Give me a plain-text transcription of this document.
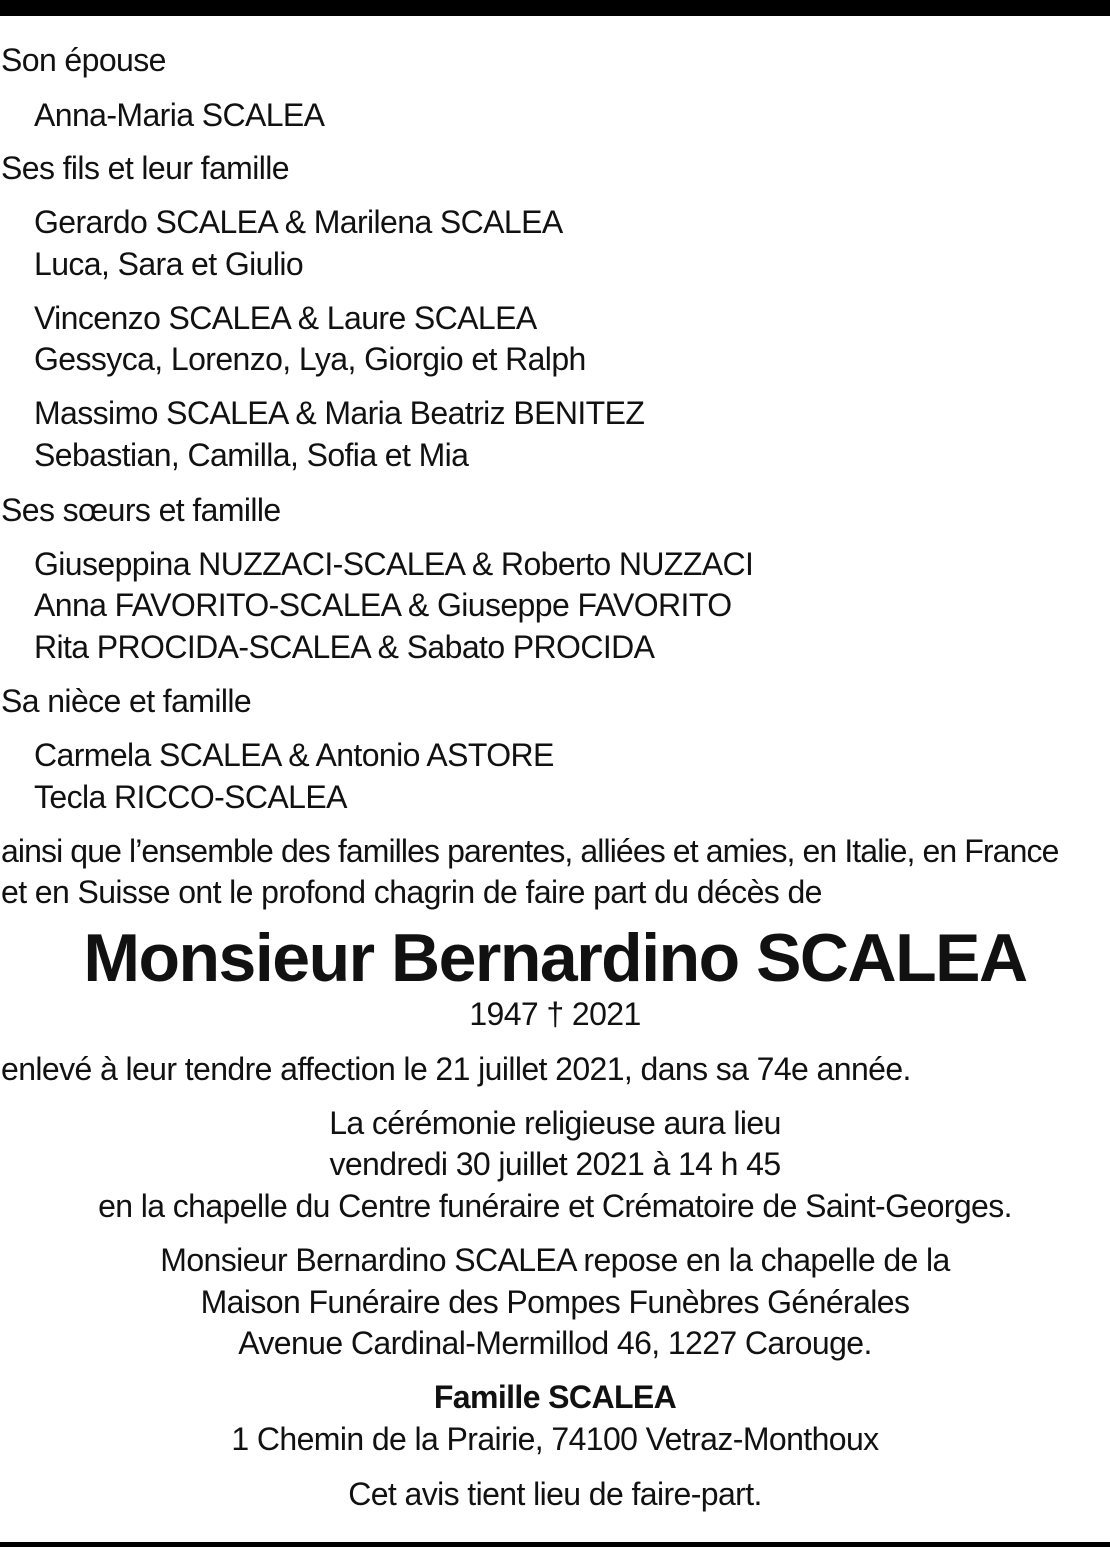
Son épouse
Anna-Maria SCALEA
Ses fils et leur famille
Gerardo SCALEA & Marilena SCALEA
Luca, Sara et Giulio
Vincenzo SCALEA & Laure SCALEA
Gessyca, Lorenzo, Lya, Giorgio et Ralph
Massimo SCALEA & Maria Beatriz BENITEZ
Sebastian, Camilla, Sofia et Mia
Ses sœurs et famille
Giuseppina NUZZACI-SCALEA & Roberto NUZZACI
Anna FAVORITO-SCALEA & Giuseppe FAVORITO
Rita PROCIDA-SCALEA & Sabato PROCIDA
Sa nièce et famille
Carmela SCALEA & Antonio ASTORE
Tecla RICCO-SCALEA
ainsi que l’ensemble des familles parentes, alliées et amies, en Italie, en France
et en Suisse ont le profond chagrin de faire part du décès de
Monsieur Bernardino SCALEA
1947 † 2021
enlevé à leur tendre affection le 21 juillet 2021, dans sa 74e année.
La cérémonie religieuse aura lieu
vendredi 30 juillet 2021 à 14 h 45
en la chapelle du Centre funéraire et Crématoire de Saint-Georges.
Monsieur Bernardino SCALEA repose en la chapelle de la
Maison Funéraire des Pompes Funèbres Générales
Avenue Cardinal-Mermillod 46, 1227 Carouge.
Famille SCALEA
1 Chemin de la Prairie, 74100 Vetraz-Monthoux
Cet avis tient lieu de faire-part.
